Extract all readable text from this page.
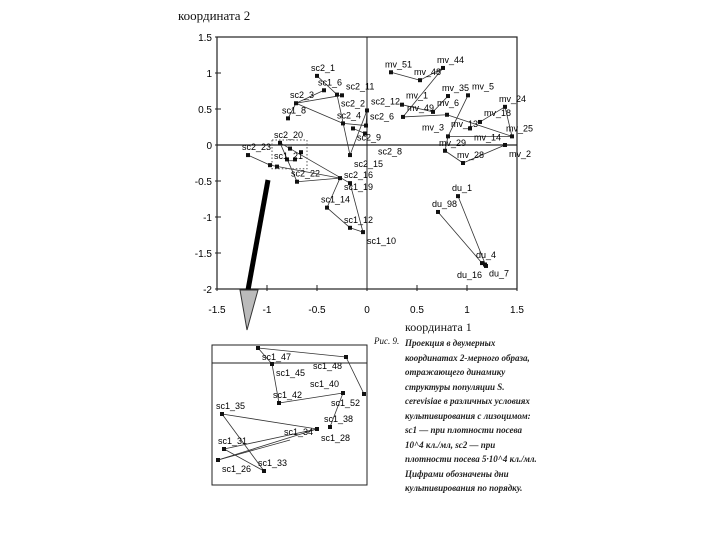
координата 2
-1.5	-1	-0.5	0	0.5	1	1.5
1.5
1
0.5
0
-0.5
-1
-1.5
-2
sc2_1
sc1_6
sc2_2
sc2_11
sc2_3
sc1_8
sc2_12
sc2_4 sc2_6
sc2_9
sc2_8
sc2_15
sc2_20
sc2_23
sc1_21
sc2_22
sc1_19
sc2_16
sc1_14
sc1_12
sc1_10
mv_51	mv_44
mv_48
mv_35 mv_5
mv_1
mv_49
mv_6
mv_13
mv_24
mv_18
mv_14
mv_3	mv_25
mv_2
mv_29
mv_28
du_1
du_98
du_4
du_7
du_16
sc1_47
sc1_45
sc1_48
sc1_42
sc1_40
sc1_52
sc1_35
sc1_38
sc1_28
sc1_31
sc1_34
sc1_26
sc1_33
координата 1
Рис. 9. Проекция в двумерных координатах 2-мерного образа, отражающего динамику структуры популяции S. cerevisiae в различных условиях культивирования с лизоцимом: sc1 — при плотности посева 10^4 кл./мл, sc2 — при плотности посева 5·10^4 кл./мл. Цифрами обозначены дни культивирования по порядку.
